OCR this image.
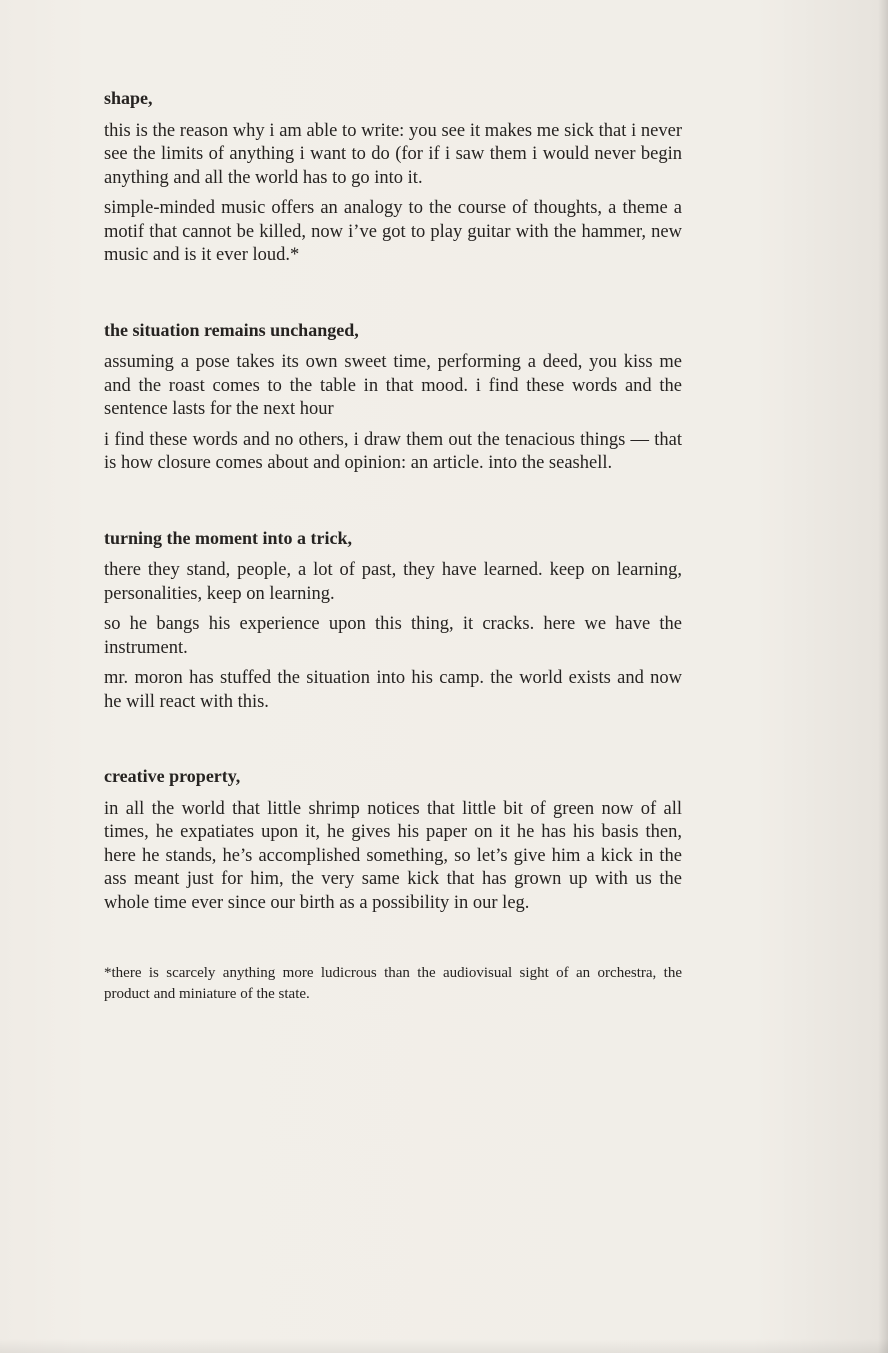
shape,

this is the reason why i am able to write: you see it makes me sick that i never see the limits of anything i want to do (for if i saw them i would never begin anything and all the world has to go into it.

simple-minded music offers an analogy to the course of thoughts, a theme a motif that cannot be killed, now i’ve got to play guitar with the hammer, new music and is it ever loud.*

the situation remains unchanged,

assuming a pose takes its own sweet time, performing a deed, you kiss me and the roast comes to the table in that mood. i find these words and the sentence lasts for the next hour

i find these words and no others, i draw them out the tenacious things — that is how closure comes about and opinion: an article. into the seashell.

turning the moment into a trick,

there they stand, people, a lot of past, they have learned. keep on learning, personalities, keep on learning.

so he bangs his experience upon this thing, it cracks. here we have the instrument.

mr. moron has stuffed the situation into his camp. the world exists and now he will react with this.

creative property,

in all the world that little shrimp notices that little bit of green now of all times, he expatiates upon it, he gives his paper on it he has his basis then, here he stands, he’s accomplished something, so let’s give him a kick in the ass meant just for him, the very same kick that has grown up with us the whole time ever since our birth as a possibility in our leg.

*there is scarcely anything more ludicrous than the audiovisual sight of an orchestra, the product and miniature of the state.
